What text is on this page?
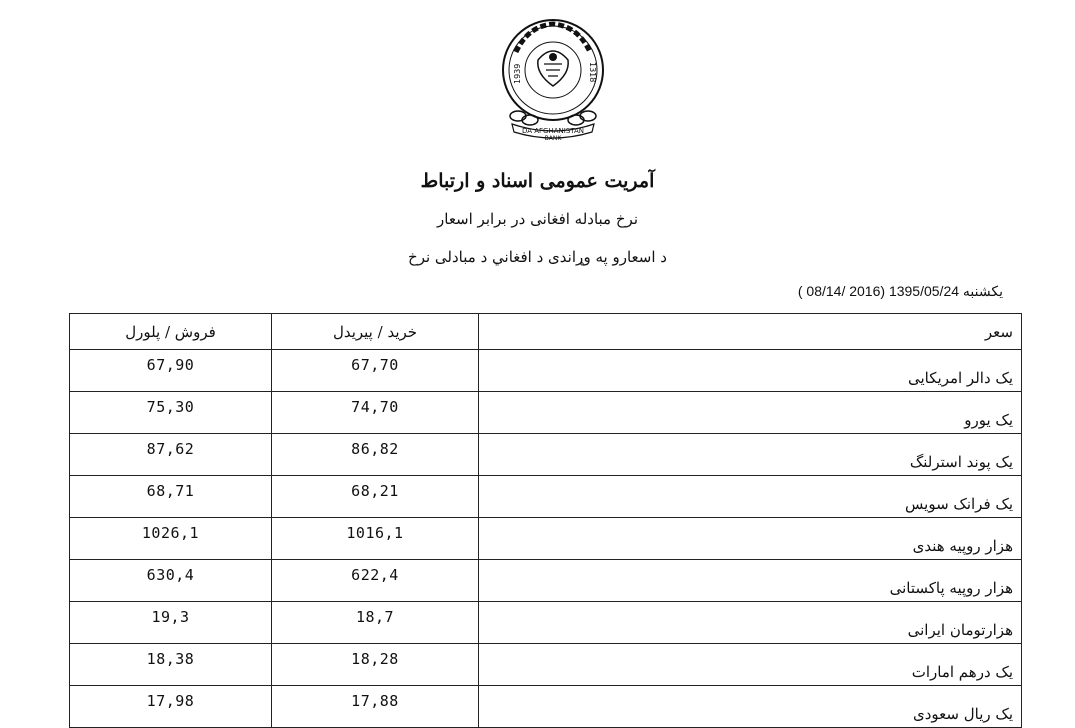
1939	1318
DA AFGHANISTAN
BANK
آمریت عمومی اسناد و ارتباط
نرخ مبادله افغانی در برابر اسعار
د اسعارو په وړاندی د افغاني د مبادلی نرخ
یکشنبه 1395/05/24 (2016 /08/14 )
فروش / پلورل	خرید / پیریدل	سعر
67,90	67,70	یک دالر امریکایی
75,30	74,70	یک یورو
87,62	86,82	یک پوند استرلنگ
68,71	68,21	یک فرانک سویس
1026,1	1016,1	هزار روپیه هندی
630,4	622,4	هزار روپیه پاکستانی
19,3	18,7	هزارتومان ایرانی
18,38	18,28	یک درهم امارات
17,98	17,88	یک ریال سعودی
